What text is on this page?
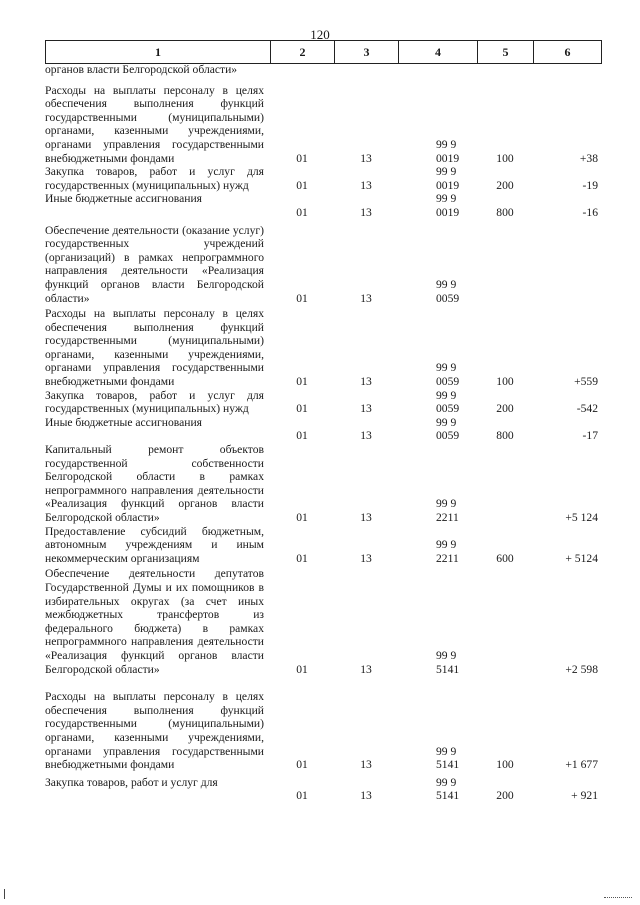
120
1	2	3	4	5	6
органов власти Белгородской области»					

Расходы на выплаты персоналу в целях обеспечения выполнения функций государственными (муниципальными) органами, казенными учреждениями, органами управления государственными внебюджетными фондами	01	13	99 9 0019	100	+38
Закупка товаров, работ и услуг для государственных (муниципальных) нужд	01	13	99 9 0019	200	-19
Иные бюджетные ассигнования	01	13	99 9 0019	800	-16

Обеспечение деятельности (оказание услуг) государственных учреждений (организаций) в рамках непрограммного направления деятельности «Реализация функций органов власти Белгородской области»	01	13	99 9 0059		

Расходы на выплаты персоналу в целях обеспечения выполнения функций государственными (муниципальными) органами, казенными учреждениями, органами управления государственными внебюджетными фондами	01	13	99 9 0059	100	+559
Закупка товаров, работ и услуг для государственных (муниципальных) нужд	01	13	99 9 0059	200	-542
Иные бюджетные ассигнования	01	13	99 9 0059	800	-17
Капитальный ремонт объектов государственной собственности Белгородской области в рамках непрограммного направления деятельности «Реализация функций органов власти Белгородской области»	01	13	99 9 2211		+5 124
Предоставление субсидий бюджетным, автономным учреждениям и иным некоммерческим организациям	01	13	99 9 2211	600	+ 5124

Обеспечение деятельности депутатов Государственной Думы и их помощников в избирательных округах (за счет иных межбюджетных трансфертов из федерального бюджета) в рамках непрограммного направления деятельности «Реализация функций органов власти Белгородской области»	01	13	99 9 5141		+2 598

Расходы на выплаты персоналу в целях обеспечения выполнения функций государственными (муниципальными) органами, казенными учреждениями, органами управления государственными внебюджетными фондами	01	13	99 9 5141	100	+1 677

Закупка товаров, работ и услуг для	01	13	99 9 5141	200	+ 921
